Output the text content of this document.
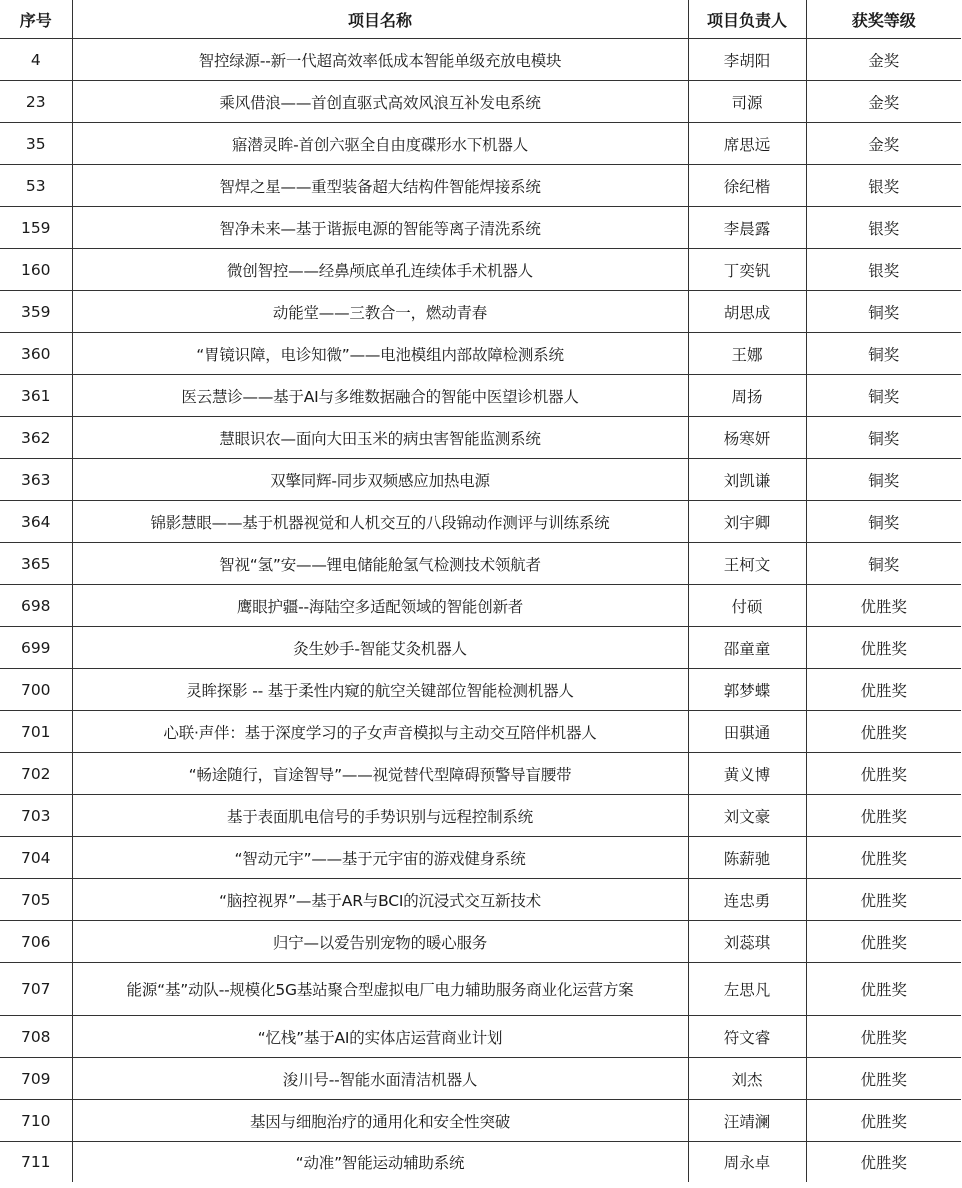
序号	项目名称	项目负责人	获奖等级
4	智控绿源--新一代超高效率低成本智能单级充放电模块	李胡阳	金奖
23	乘风借浪——首创直驱式高效风浪互补发电系统	司源	金奖
35	寤潜灵眸-首创六驱全自由度碟形水下机器人	席思远	金奖
53	智焊之星——重型装备超大结构件智能焊接系统	徐纪楷	银奖
159	智净未来—基于谐振电源的智能等离子清洗系统	李晨露	银奖
160	微创智控——经鼻颅底单孔连续体手术机器人	丁奕钒	银奖
359	动能堂——三教合一，燃动青春	胡思成	铜奖
360	“胃镜识障，电诊知微”——电池模组内部故障检测系统	王娜	铜奖
361	医云慧诊——基于AI与多维数据融合的智能中医望诊机器人	周扬	铜奖
362	慧眼识农—面向大田玉米的病虫害智能监测系统	杨寒妍	铜奖
363	双擎同辉-同步双频感应加热电源	刘凯谦	铜奖
364	锦影慧眼——基于机器视觉和人机交互的八段锦动作测评与训练系统	刘宇卿	铜奖
365	智视“氢”安——锂电储能舱氢气检测技术领航者	王柯文	铜奖
698	鹰眼护疆--海陆空多适配领域的智能创新者	付硕	优胜奖
699	灸生妙手-智能艾灸机器人	邵童童	优胜奖
700	灵眸探影 -- 基于柔性内窥的航空关键部位智能检测机器人	郭梦蝶	优胜奖
701	心联·声伴：基于深度学习的子女声音模拟与主动交互陪伴机器人	田骐通	优胜奖
702	“畅途随行，盲途智导”——视觉替代型障碍预警导盲腰带	黄义博	优胜奖
703	基于表面肌电信号的手势识别与远程控制系统	刘文豪	优胜奖
704	“智动元宇”——基于元宇宙的游戏健身系统	陈薪驰	优胜奖
705	“脑控视界”—基于AR与BCI的沉浸式交互新技术	连忠勇	优胜奖
706	归宁—以爱告别宠物的暖心服务	刘蕊琪	优胜奖
707	能源“基”动队--规模化5G基站聚合型虚拟电厂电力辅助服务商业化运营方案	左思凡	优胜奖
708	“忆栈”基于AI的实体店运营商业计划	符文睿	优胜奖
709	浚川号--智能水面清洁机器人	刘杰	优胜奖
710	基因与细胞治疗的通用化和安全性突破	汪靖澜	优胜奖
711	“动准”智能运动辅助系统	周永卓	优胜奖
